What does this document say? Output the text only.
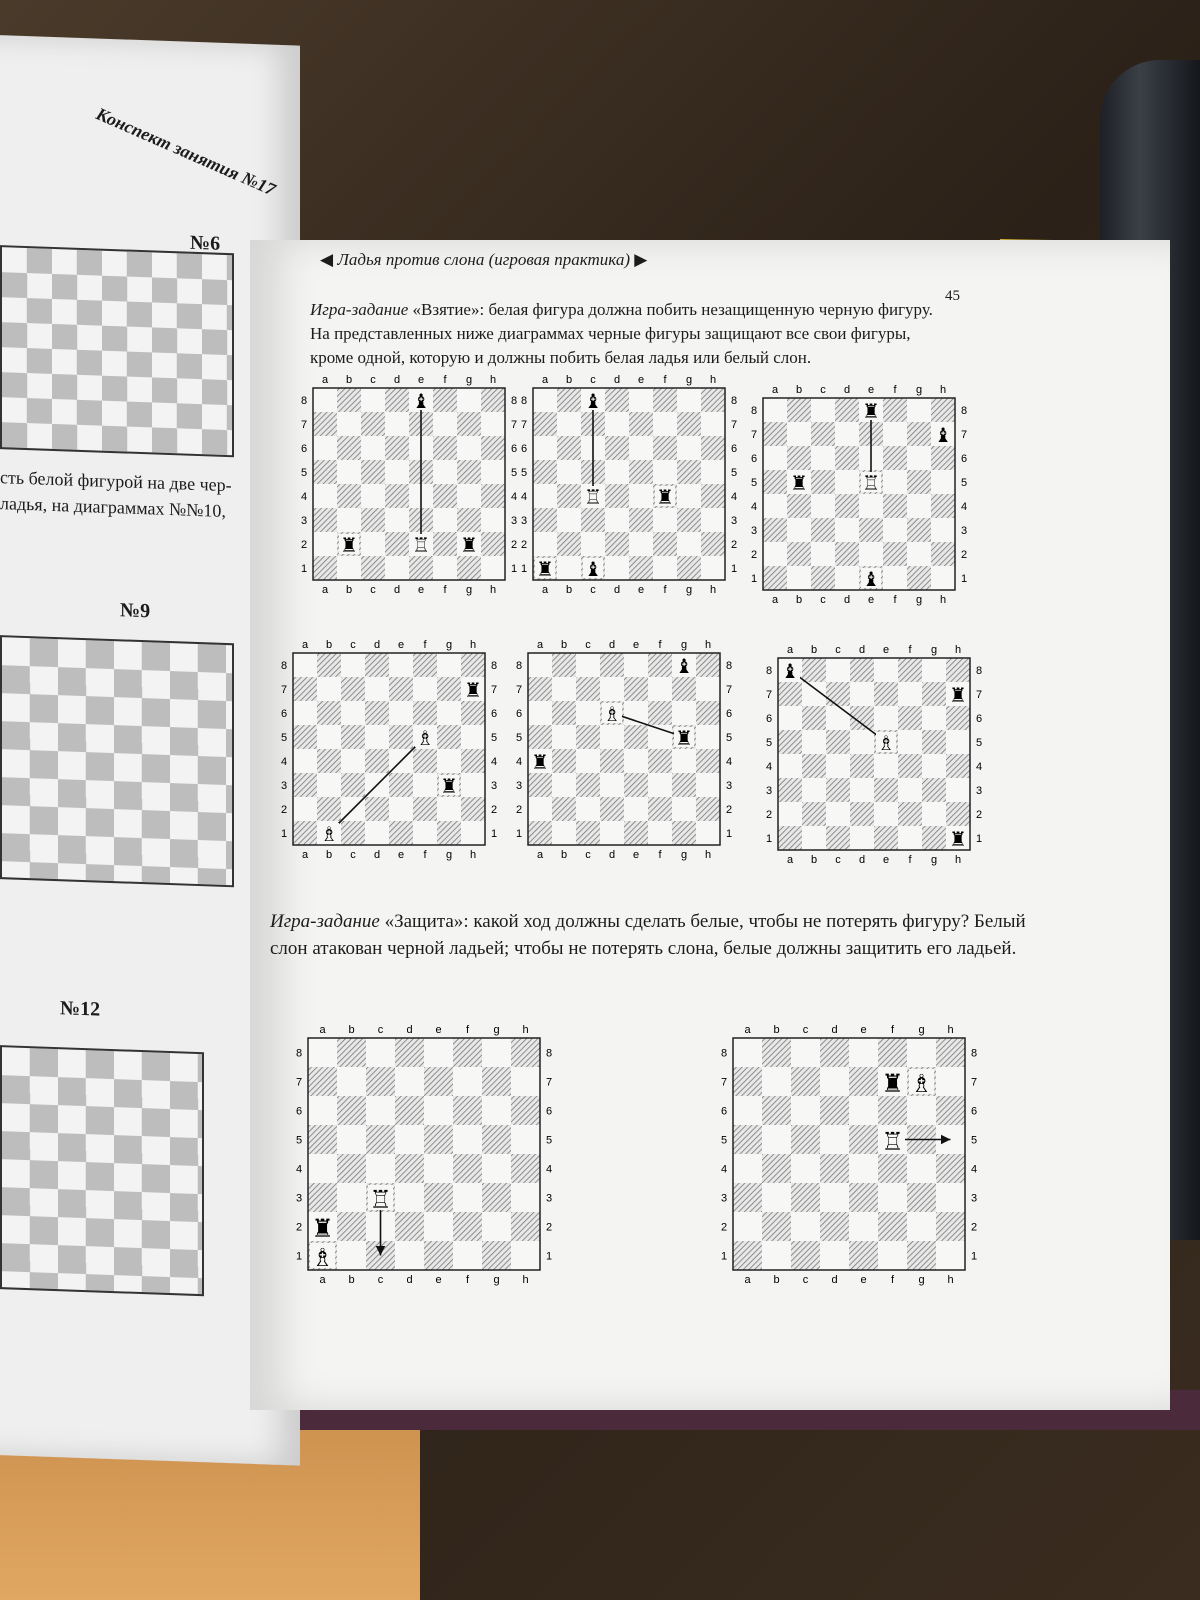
Конспект занятия №17
№6
№9
№12
сть белой фигурой на две чер-
ладья, на диаграммах №№10,
◀ Ладья против слона (игровая практика) ▶
45
Игра-задание «Взятие»: белая фигура должна побить незащищенную черную фигуру. На представленных ниже диаграммах черные фигуры защищают все свои фигуры, кроме одной, которую и должны побить белая ладья или белый слон.
a
a
b
b
c
c
d
d
e
e
f
f
g
g
h
h
8	8
7	7
6	6
5	5
4	4
3	3
2	2
1	1
♝
♖
♜	♜
a
a
b
b
c
c
d
d
e
e
f
f
g
g
h
h
8	8
7	7
6	6
5	5
4	4
3	3
2	2
1	1
♝
♖	♜
♜ ♝
a
a
b
b
c
c
d
d
e
e
f
f
g
g
h
h
8	8
7	7
6	6
5	5
4	4
3	3
2	2
1	1
♜
♝
♜	♖
♝
a
a
b
b
c
c
d
d
e
e
f
f
g
g
h
h
8	8
7	7
6	6
5	5
4	4
3	3
2	2
1	1
♜
♗
♜
♗
a
a
b
b
c
c
d
d
e
e
f
f
g
g
h
h
8	8
7	7
6	6
5	5
4	4
3	3
2	2
1	1
♝
♗
♜
♜
a
a
b
b
c
c
d
d
e
e
f
f
g
g
h
h
8	8
7	7
6	6
5	5
4	4
3	3
2	2
1	1
♝
♜
♗
♜
Игра-задание «Защита»: какой ход должны сделать белые, чтобы не потерять фигуру? Белый слон атакован черной ладьей; чтобы не потерять слона, белые должны защитить его ладьей.
a
a
b
b
c
c
d
d
e
e
f
f
g
g
h
h
8	8
7	7
6	6
5	5
4	4
3	3
2	2
1	1
♖
♜
♗
a
a
b
b
c
c
d
d
e
e
f
f
g
g
h
h
8	8
7	7
6	6
5	5
4	4
3	3
2	2
1	1
♜ ♗
♖
